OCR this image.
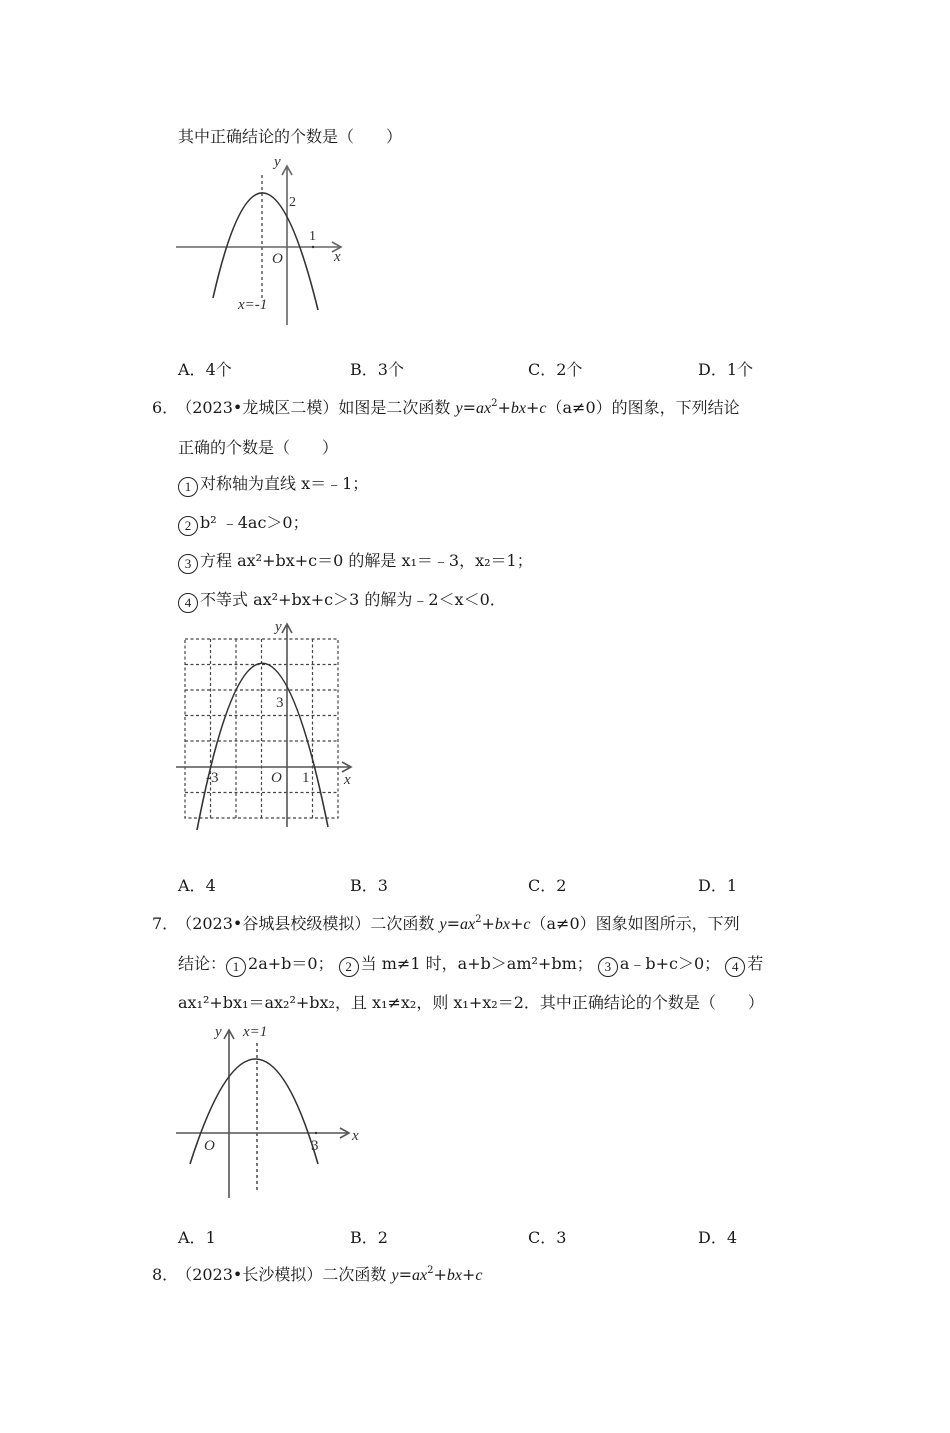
其中正确结论的个数是（　　）
1
2
O	x
y
x=-1
A．4个	B．3个	C．2个	D．1个
6． （2023•龙城区二模）如图是二次函数 $y=ax^2+bx+c(a\ne 0)$的图象，下列结论
正确的个数是（　　）
1 对称轴为直线 x＝﹣1；
2 b² ﹣4ac＞0；
3 方程 ax²+bx+c＝0 的解是 x₁＝﹣3，x₂＝1；
4 不等式 ax²+bx+c＞3 的解为﹣2＜x＜0．
3
-3	O 1 x
y
A．4	B．3	C．2	D．1
7． （2023•谷城县校级模拟）二次函数 $y=ax^2+bx+c(a\ne 0)$图象如图所示，下列
结论： 1 2a+b＝0； 2 当 m≠1 时，a+b＞am²+bm； 3 a﹣b+c＞0； 4 若
ax₁²+bx₁＝ax₂²+bx₂，且 x₁≠x₂，则 x₁+x₂＝2．其中正确结论的个数是（　　）
O	3
x
y x=1
A．1	B．2	C．3	D．4
8． （2023•长沙模拟）二次函数 $y=ax^2+bx+c$
